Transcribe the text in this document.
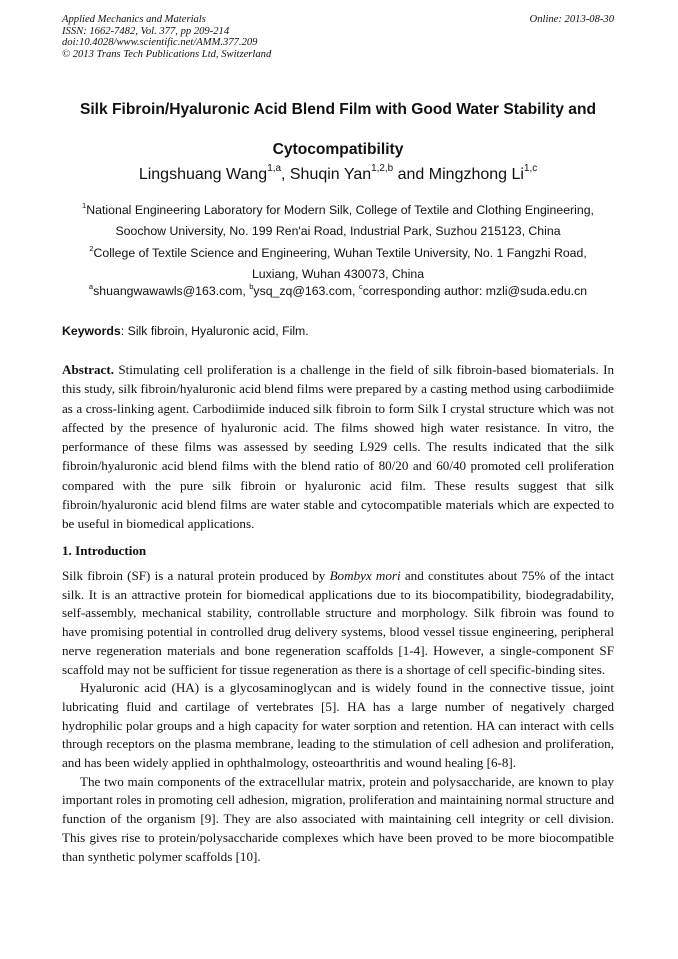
Applied Mechanics and Materials
ISSN: 1662-7482, Vol. 377, pp 209-214
doi:10.4028/www.scientific.net/AMM.377.209
© 2013 Trans Tech Publications Ltd, Switzerland
Online: 2013-08-30
Silk Fibroin/Hyaluronic Acid Blend Film with Good Water Stability and
Cytocompatibility
Lingshuang Wang$^{1,a}$, Shuqin Yan$^{1,2,b}$ and Mingzhong Li$^{1,c}$
$^1$National Engineering Laboratory for Modern Silk, College of Textile and Clothing Engineering,
Soochow University, No. 199 Ren'ai Road, Industrial Park, Suzhou 215123, China
$^2$College of Textile Science and Engineering, Wuhan Textile University, No. 1 Fangzhi Road,
Luxiang, Wuhan 430073, China
$^a$shuangwawawls@163.com, $^b$ysq_zq@163.com, $^c$corresponding author: mzli@suda.edu.cn
Keywords: Silk fibroin, Hyaluronic acid, Film.

Abstract. Stimulating cell proliferation is a challenge in the field of silk fibroin-based biomaterials. In this study, silk fibroin/hyaluronic acid blend films were prepared by a casting method using carbodiimide as a cross-linking agent. Carbodiimide induced silk fibroin to form Silk I crystal structure which was not affected by the presence of hyaluronic acid. The films showed high water resistance. In vitro, the performance of these films was assessed by seeding L929 cells. The results indicated that the silk fibroin/hyaluronic acid blend films with the blend ratio of 80/20 and 60/40 promoted cell proliferation compared with the pure silk fibroin or hyaluronic acid film. These results suggest that silk fibroin/hyaluronic acid blend films are water stable and cytocompatible materials which are expected to be useful in biomedical applications.

1. Introduction

Silk fibroin (SF) is a natural protein produced by Bombyx mori and constitutes about 75% of the intact silk. It is an attractive protein for biomedical applications due to its biocompatibility, biodegradability, self-assembly, mechanical stability, controllable structure and morphology. Silk fibroin was found to have promising potential in controlled drug delivery systems, blood vessel tissue engineering, peripheral nerve regeneration materials and bone regeneration scaffolds [1-4]. However, a single-component SF scaffold may not be sufficient for tissue regeneration as there is a shortage of cell specific-binding sites.

Hyaluronic acid (HA) is a glycosaminoglycan and is widely found in the connective tissue, joint lubricating fluid and cartilage of vertebrates [5]. HA has a large number of negatively charged hydrophilic polar groups and a high capacity for water sorption and retention. HA can interact with cells through receptors on the plasma membrane, leading to the stimulation of cell adhesion and proliferation, and has been widely applied in ophthalmology, osteoarthritis and wound healing [6-8].

The two main components of the extracellular matrix, protein and polysaccharide, are known to play important roles in promoting cell adhesion, migration, proliferation and maintaining normal structure and function of the organism [9]. They are also associated with maintaining cell integrity or cell division. This gives rise to protein/polysaccharide complexes which have been proved to be more biocompatible than synthetic polymer scaffolds [10].
